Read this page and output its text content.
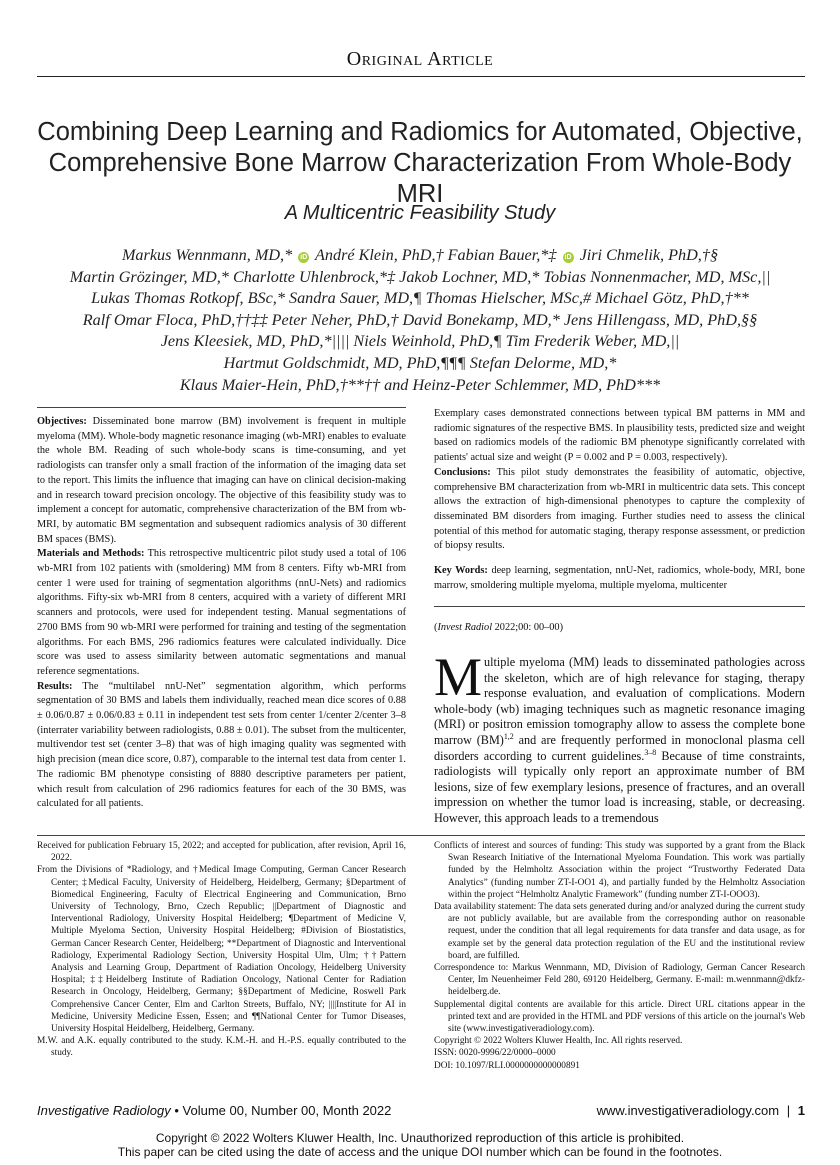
Original Article
Combining Deep Learning and Radiomics for Automated, Objective, Comprehensive Bone Marrow Characterization From Whole-Body MRI
A Multicentric Feasibility Study
Markus Wennmann, MD,* iD André Klein, PhD,† Fabian Bauer,*‡ iD Jiri Chmelik, PhD,†§
Martin Grözinger, MD,* Charlotte Uhlenbrock,*‡ Jakob Lochner, MD,* Tobias Nonnenmacher, MD, MSc,||
Lukas Thomas Rotkopf, BSc,* Sandra Sauer, MD,¶ Thomas Hielscher, MSc,# Michael Götz, PhD,†**
Ralf Omar Floca, PhD,††‡‡ Peter Neher, PhD,† David Bonekamp, MD,* Jens Hillengass, MD, PhD,§§
Jens Kleesiek, MD, PhD,*|||| Niels Weinhold, PhD,¶ Tim Frederik Weber, MD,||
Hartmut Goldschmidt, MD, PhD,¶¶¶ Stefan Delorme, MD,*
Klaus Maier-Hein, PhD,†**†† and Heinz-Peter Schlemmer, MD, PhD***

Objectives: Disseminated bone marrow (BM) involvement is frequent in multiple myeloma (MM). Whole-body magnetic resonance imaging (wb-MRI) enables to evaluate the whole BM. Reading of such whole-body scans is time-consuming, and yet radiologists can transfer only a small fraction of the information of the imaging data set to the report. This limits the influence that imaging can have on clinical decision-making and in research toward precision oncology. The objective of this feasibility study was to implement a concept for automatic, comprehensive characterization of the BM from wb-MRI, by automatic BM segmentation and subsequent radiomics analysis of 30 different BM spaces (BMS).

Materials and Methods: This retrospective multicentric pilot study used a total of 106 wb-MRI from 102 patients with (smoldering) MM from 8 centers. Fifty wb-MRI from center 1 were used for training of segmentation algorithms (nnU-Nets) and radiomics algorithms. Fifty-six wb-MRI from 8 centers, acquired with a variety of different MRI scanners and protocols, were used for independent testing. Manual segmentations of 2700 BMS from 90 wb-MRI were performed for training and testing of the segmentation algorithms. For each BMS, 296 radiomics features were calculated individually. Dice score was used to assess similarity between automatic segmentations and manual reference segmentations.

Results: The “multilabel nnU-Net” segmentation algorithm, which performs segmentation of 30 BMS and labels them individually, reached mean dice scores of 0.88 ± 0.06/0.87 ± 0.06/0.83 ± 0.11 in independent test sets from center 1/center 2/center 3–8 (interrater variability between radiologists, 0.88 ± 0.01). The subset from the multicenter, multivendor test set (center 3–8) that was of high imaging quality was segmented with high precision (mean dice score, 0.87), comparable to the internal test data from center 1. The radiomic BM phenotype consisting of 8880 descriptive parameters per patient, which result from calculation of 296 radiomics features for each of the 30 BMS, was calculated for all patients.

Exemplary cases demonstrated connections between typical BM patterns in MM and radiomic signatures of the respective BMS. In plausibility tests, predicted size and weight based on radiomics models of the radiomic BM phenotype significantly correlated with patients' actual size and weight (P = 0.002 and P = 0.003, respectively).

Conclusions: This pilot study demonstrates the feasibility of automatic, objective, comprehensive BM characterization from wb-MRI in multicentric data sets. This concept allows the extraction of high-dimensional phenotypes to capture the complexity of disseminated BM disorders from imaging. Further studies need to assess the clinical potential of this method for automatic staging, therapy response assessment, or prediction of biopsy results.

Key Words: deep learning, segmentation, nnU-Net, radiomics, whole-body, MRI, bone marrow, smoldering multiple myeloma, multiple myeloma, multicenter

(Invest Radiol 2022;00: 00–00)

Multiple myeloma (MM) leads to disseminated pathologies across the skeleton, which are of high relevance for staging, therapy response evaluation, and evaluation of complications. Modern whole-body (wb) imaging techniques such as magnetic resonance imaging (MRI) or positron emission tomography allow to assess the complete bone marrow (BM)$^{1,2}$ and are frequently performed in monoclonal plasma cell disorders according to current guidelines.$^{3-8}$ Because of time constraints, radiologists will typically only report an approximate number of BM lesions, size of few exemplary lesions, presence of fractures, and an overall impression on whether the tumor load is increasing, stable, or decreasing. However, this approach leads to a tremendous

Received for publication February 15, 2022; and accepted for publication, after revision, April 16, 2022.

From the Divisions of *Radiology, and †Medical Image Computing, German Cancer Research Center; ‡Medical Faculty, University of Heidelberg, Heidelberg, Germany; §Department of Biomedical Engineering, Faculty of Electrical Engineering and Communication, Brno University of Technology, Brno, Czech Republic; ||Department of Diagnostic and Interventional Radiology, University Hospital Heidelberg; ¶Department of Medicine V, Multiple Myeloma Section, University Hospital Heidelberg; #Division of Biostatistics, German Cancer Research Center, Heidelberg; **Department of Diagnostic and Interventional Radiology, Experimental Radiology Section, University Hospital Ulm, Ulm; ††Pattern Analysis and Learning Group, Department of Radiation Oncology, Heidelberg University Hospital; ‡‡Heidelberg Institute of Radiation Oncology, National Center for Radiation Research in Oncology, Heidelberg, Germany; §§Department of Medicine, Roswell Park Comprehensive Cancer Center, Elm and Carlton Streets, Buffalo, NY; ||||Institute for AI in Medicine, University Medicine Essen, Essen; and ¶¶National Center for Tumor Diseases, University Hospital Heidelberg, Heidelberg, Germany.

M.W. and A.K. equally contributed to the study. K.M.-H. and H.-P.S. equally contributed to the study.

Conflicts of interest and sources of funding: This study was supported by a grant from the Black Swan Research Initiative of the International Myeloma Foundation. This work was partially funded by the Helmholtz Association within the project “Trustworthy Federated Data Analytics” (funding number ZT-I-OO1 4), and partially funded by the Helmholtz Association within the project “Helmholtz Analytic Framework” (funding number ZT-I-OOO3).

Data availability statement: The data sets generated during and/or analyzed during the current study are not publicly available, but are available from the corresponding author on reasonable request, under the condition that all legal requirements for data transfer and data usage, as for example set by the general data protection regulation of the EU and the institutional review board, are fulfilled.

Correspondence to: Markus Wennmann, MD, Division of Radiology, German Cancer Research Center, Im Neuenheimer Feld 280, 69120 Heidelberg, Germany. E-mail: m.wennmann@dkfz-heidelberg.de.

Supplemental digital contents are available for this article. Direct URL citations appear in the printed text and are provided in the HTML and PDF versions of this article on the journal's Web site (www.investigativeradiology.com).

Copyright © 2022 Wolters Kluwer Health, Inc. All rights reserved.

ISSN: 0020-9996/22/0000–0000

DOI: 10.1097/RLI.0000000000000891

Investigative Radiology • Volume 00, Number 00, Month 2022	www.investigativeradiology.com | 1
Copyright © 2022 Wolters Kluwer Health, Inc. Unauthorized reproduction of this article is prohibited.
This paper can be cited using the date of access and the unique DOI number which can be found in the footnotes.
